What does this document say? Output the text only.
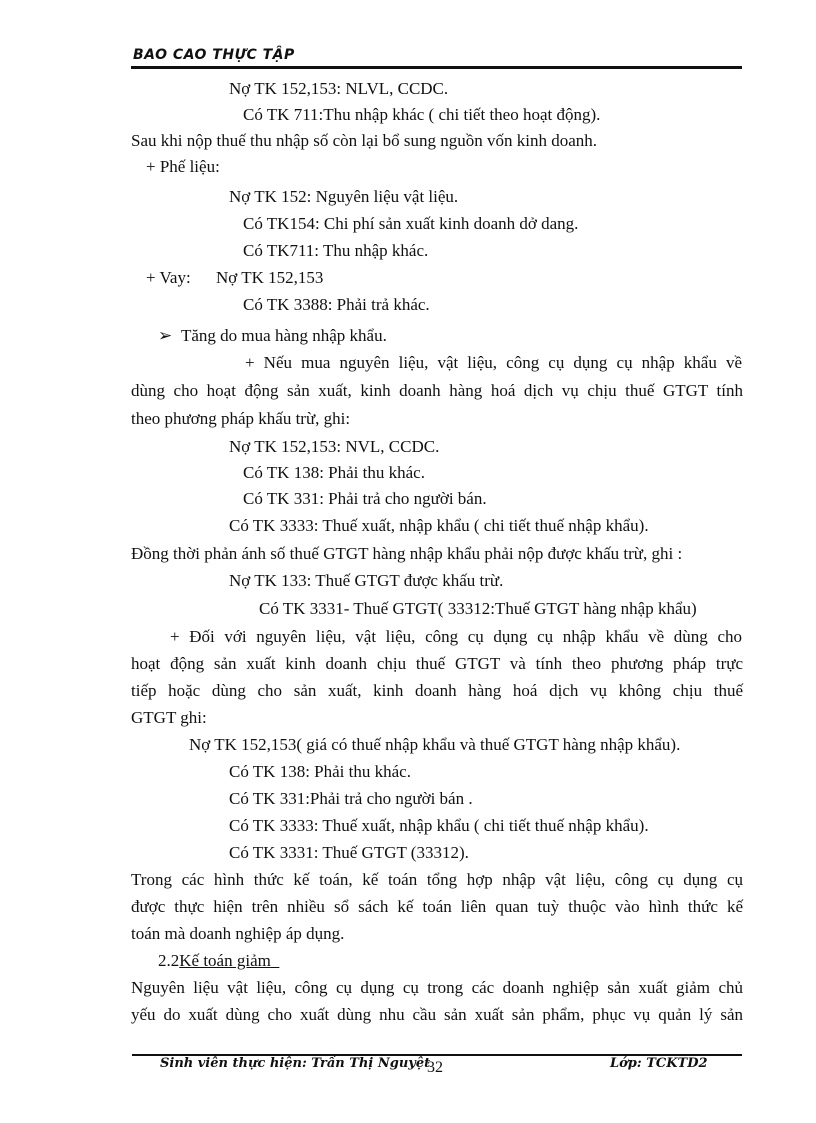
BAO CAO THỰC TẬP
Nợ TK 152,153: NLVL, CCDC.
Có TK 711:Thu nhập khác ( chi tiết theo hoạt động).
Sau khi nộp thuế thu nhập số còn lại bổ sung nguồn vốn kinh doanh.
+ Phế liệu:
Nợ TK 152: Nguyên liệu vật liệu.
Có TK154: Chi phí sản xuất kinh doanh dở dang.
Có TK711: Thu nhập khác.
+ Vay: Nợ TK 152,153
Có TK 3388: Phải trả khác.
➢ Tăng do mua hàng nhập khẩu.
+ Nếu mua nguyên liệu, vật liệu, công cụ dụng cụ nhập khẩu về
dùng cho hoạt động sản xuất, kinh doanh hàng hoá dịch vụ chịu thuế GTGT tính
theo phương pháp khấu trừ, ghi:
Nợ TK 152,153: NVL, CCDC.
Có TK 138: Phải thu khác.
Có TK 331: Phải trả cho người bán.
Có TK 3333: Thuế xuất, nhập khẩu ( chi tiết thuế nhập khẩu).
Đồng thời phản ánh số thuế GTGT hàng nhập khẩu phải nộp được khấu trừ, ghi :
Nợ TK 133: Thuế GTGT được khấu trừ.
Có TK 3331- Thuế GTGT( 33312:Thuế GTGT hàng nhập khẩu)
+ Đối với nguyên liệu, vật liệu, công cụ dụng cụ nhập khẩu về dùng cho
hoạt động sản xuất kinh doanh chịu thuế GTGT và tính theo phương pháp trực
tiếp hoặc dùng cho sản xuất, kinh doanh hàng hoá dịch vụ không chịu thuế
GTGT ghi:
Nợ TK 152,153( giá có thuế nhập khẩu và thuế GTGT hàng nhập khẩu).
Có TK 138: Phải thu khác.
Có TK 331:Phải trả cho người bán .
Có TK 3333: Thuế xuất, nhập khẩu ( chi tiết thuế nhập khẩu).
Có TK 3331: Thuế GTGT (33312).
Trong các hình thức kế toán, kế toán tổng hợp nhập vật liệu, công cụ dụng cụ
được thực hiện trên nhiều sổ sách kế toán liên quan tuỳ thuộc vào hình thức kế
toán mà doanh nghiệp áp dụng.
2.2Kế toán giảm
Nguyên liệu vật liệu, công cụ dụng cụ trong các doanh nghiệp sản xuất giảm chủ
yếu do xuất dùng cho xuất dùng nhu cầu sản xuất sản phẩm, phục vụ quản lý sản
Sinh viên thực hiện: Trần Thị Nguyệt
32	Lớp: TCKTD2
